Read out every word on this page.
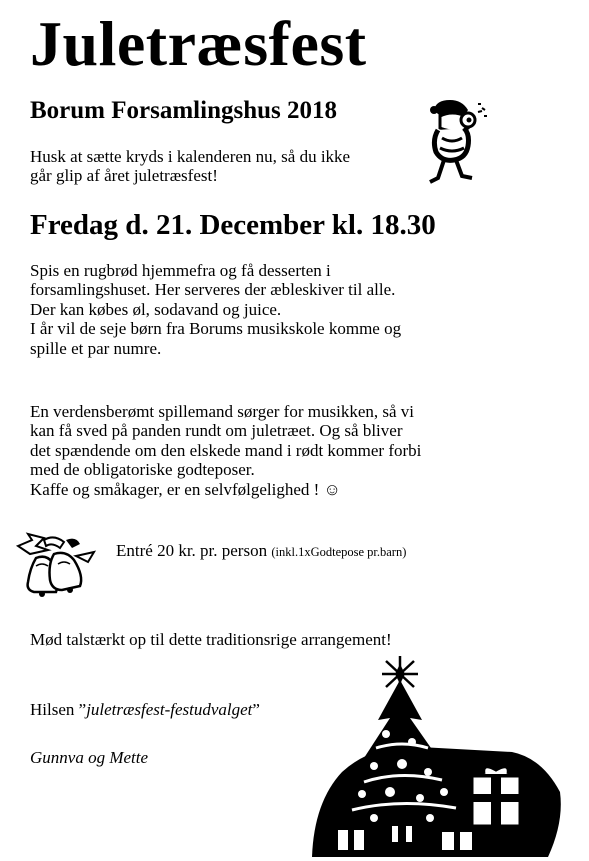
Juletræsfest
Borum Forsamlingshus 2018
Husk at sætte kryds i kalenderen nu, så du ikke
går glip af året juletræsfest!
Fredag d. 21. December kl. 18.30
Spis en rugbrød hjemmefra og få desserten i
forsamlingshuset. Her serveres der æbleskiver til alle.
Der kan købes øl, sodavand og juice.
I år vil de seje børn fra Borums musikskole komme og
spille et par numre.
En verdensberømt spillemand sørger for musikken, så vi
kan få sved på panden rundt om juletræet. Og så bliver
det spændende om den elskede mand i rødt kommer forbi
med de obligatoriske godteposer.
Kaffe og småkager, er en selvfølgelighed ! ☺
Entré 20 kr. pr. person (inkl.1xGodtepose pr.barn)
Mød talstærkt op til dette traditionsrige arrangement!
Hilsen ”juletræsfest-festudvalget”
Gunnva og Mette
